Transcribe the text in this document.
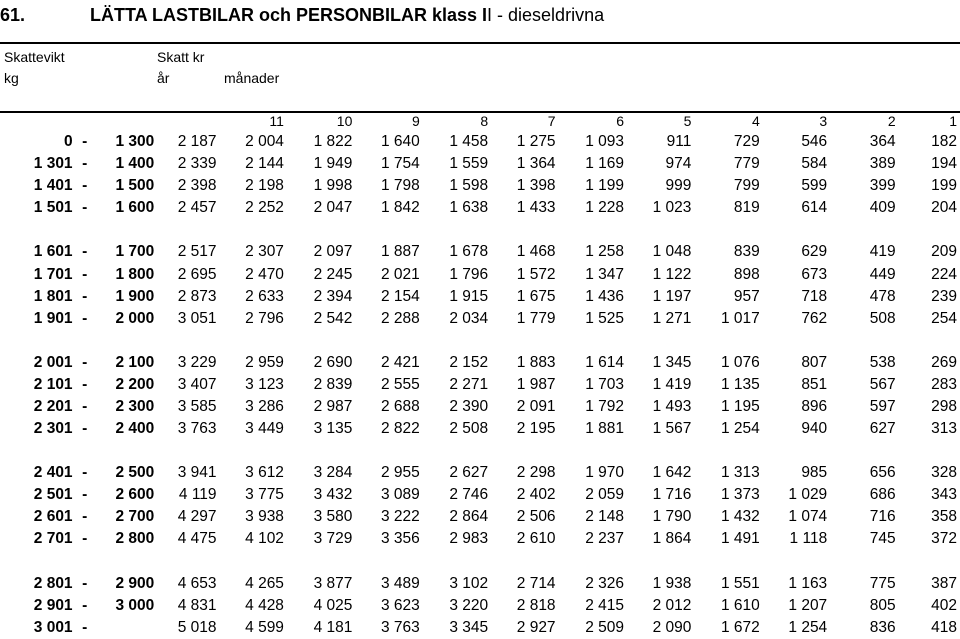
61.	LÄTTA LASTBILAR och PERSONBILAR klass II - dieseldrivna
Skattevikt
kg
Skatt kr
år	månader
				11	10	9	8	7	6	5	4	3	2	1
0	-	1 300	2 187	2 004	1 822	1 640	1 458	1 275	1 093	911	729	546	364	182
1 301	-	1 400	2 339	2 144	1 949	1 754	1 559	1 364	1 169	974	779	584	389	194
1 401	-	1 500	2 398	2 198	1 998	1 798	1 598	1 398	1 199	999	799	599	399	199
1 501	-	1 600	2 457	2 252	2 047	1 842	1 638	1 433	1 228	1 023	819	614	409	204

1 601	-	1 700	2 517	2 307	2 097	1 887	1 678	1 468	1 258	1 048	839	629	419	209
1 701	-	1 800	2 695	2 470	2 245	2 021	1 796	1 572	1 347	1 122	898	673	449	224
1 801	-	1 900	2 873	2 633	2 394	2 154	1 915	1 675	1 436	1 197	957	718	478	239
1 901	-	2 000	3 051	2 796	2 542	2 288	2 034	1 779	1 525	1 271	1 017	762	508	254

2 001	-	2 100	3 229	2 959	2 690	2 421	2 152	1 883	1 614	1 345	1 076	807	538	269
2 101	-	2 200	3 407	3 123	2 839	2 555	2 271	1 987	1 703	1 419	1 135	851	567	283
2 201	-	2 300	3 585	3 286	2 987	2 688	2 390	2 091	1 792	1 493	1 195	896	597	298
2 301	-	2 400	3 763	3 449	3 135	2 822	2 508	2 195	1 881	1 567	1 254	940	627	313

2 401	-	2 500	3 941	3 612	3 284	2 955	2 627	2 298	1 970	1 642	1 313	985	656	328
2 501	-	2 600	4 119	3 775	3 432	3 089	2 746	2 402	2 059	1 716	1 373	1 029	686	343
2 601	-	2 700	4 297	3 938	3 580	3 222	2 864	2 506	2 148	1 790	1 432	1 074	716	358
2 701	-	2 800	4 475	4 102	3 729	3 356	2 983	2 610	2 237	1 864	1 491	1 118	745	372

2 801	-	2 900	4 653	4 265	3 877	3 489	3 102	2 714	2 326	1 938	1 551	1 163	775	387
2 901	-	3 000	4 831	4 428	4 025	3 623	3 220	2 818	2 415	2 012	1 610	1 207	805	402
3 001	-		5 018	4 599	4 181	3 763	3 345	2 927	2 509	2 090	1 672	1 254	836	418
